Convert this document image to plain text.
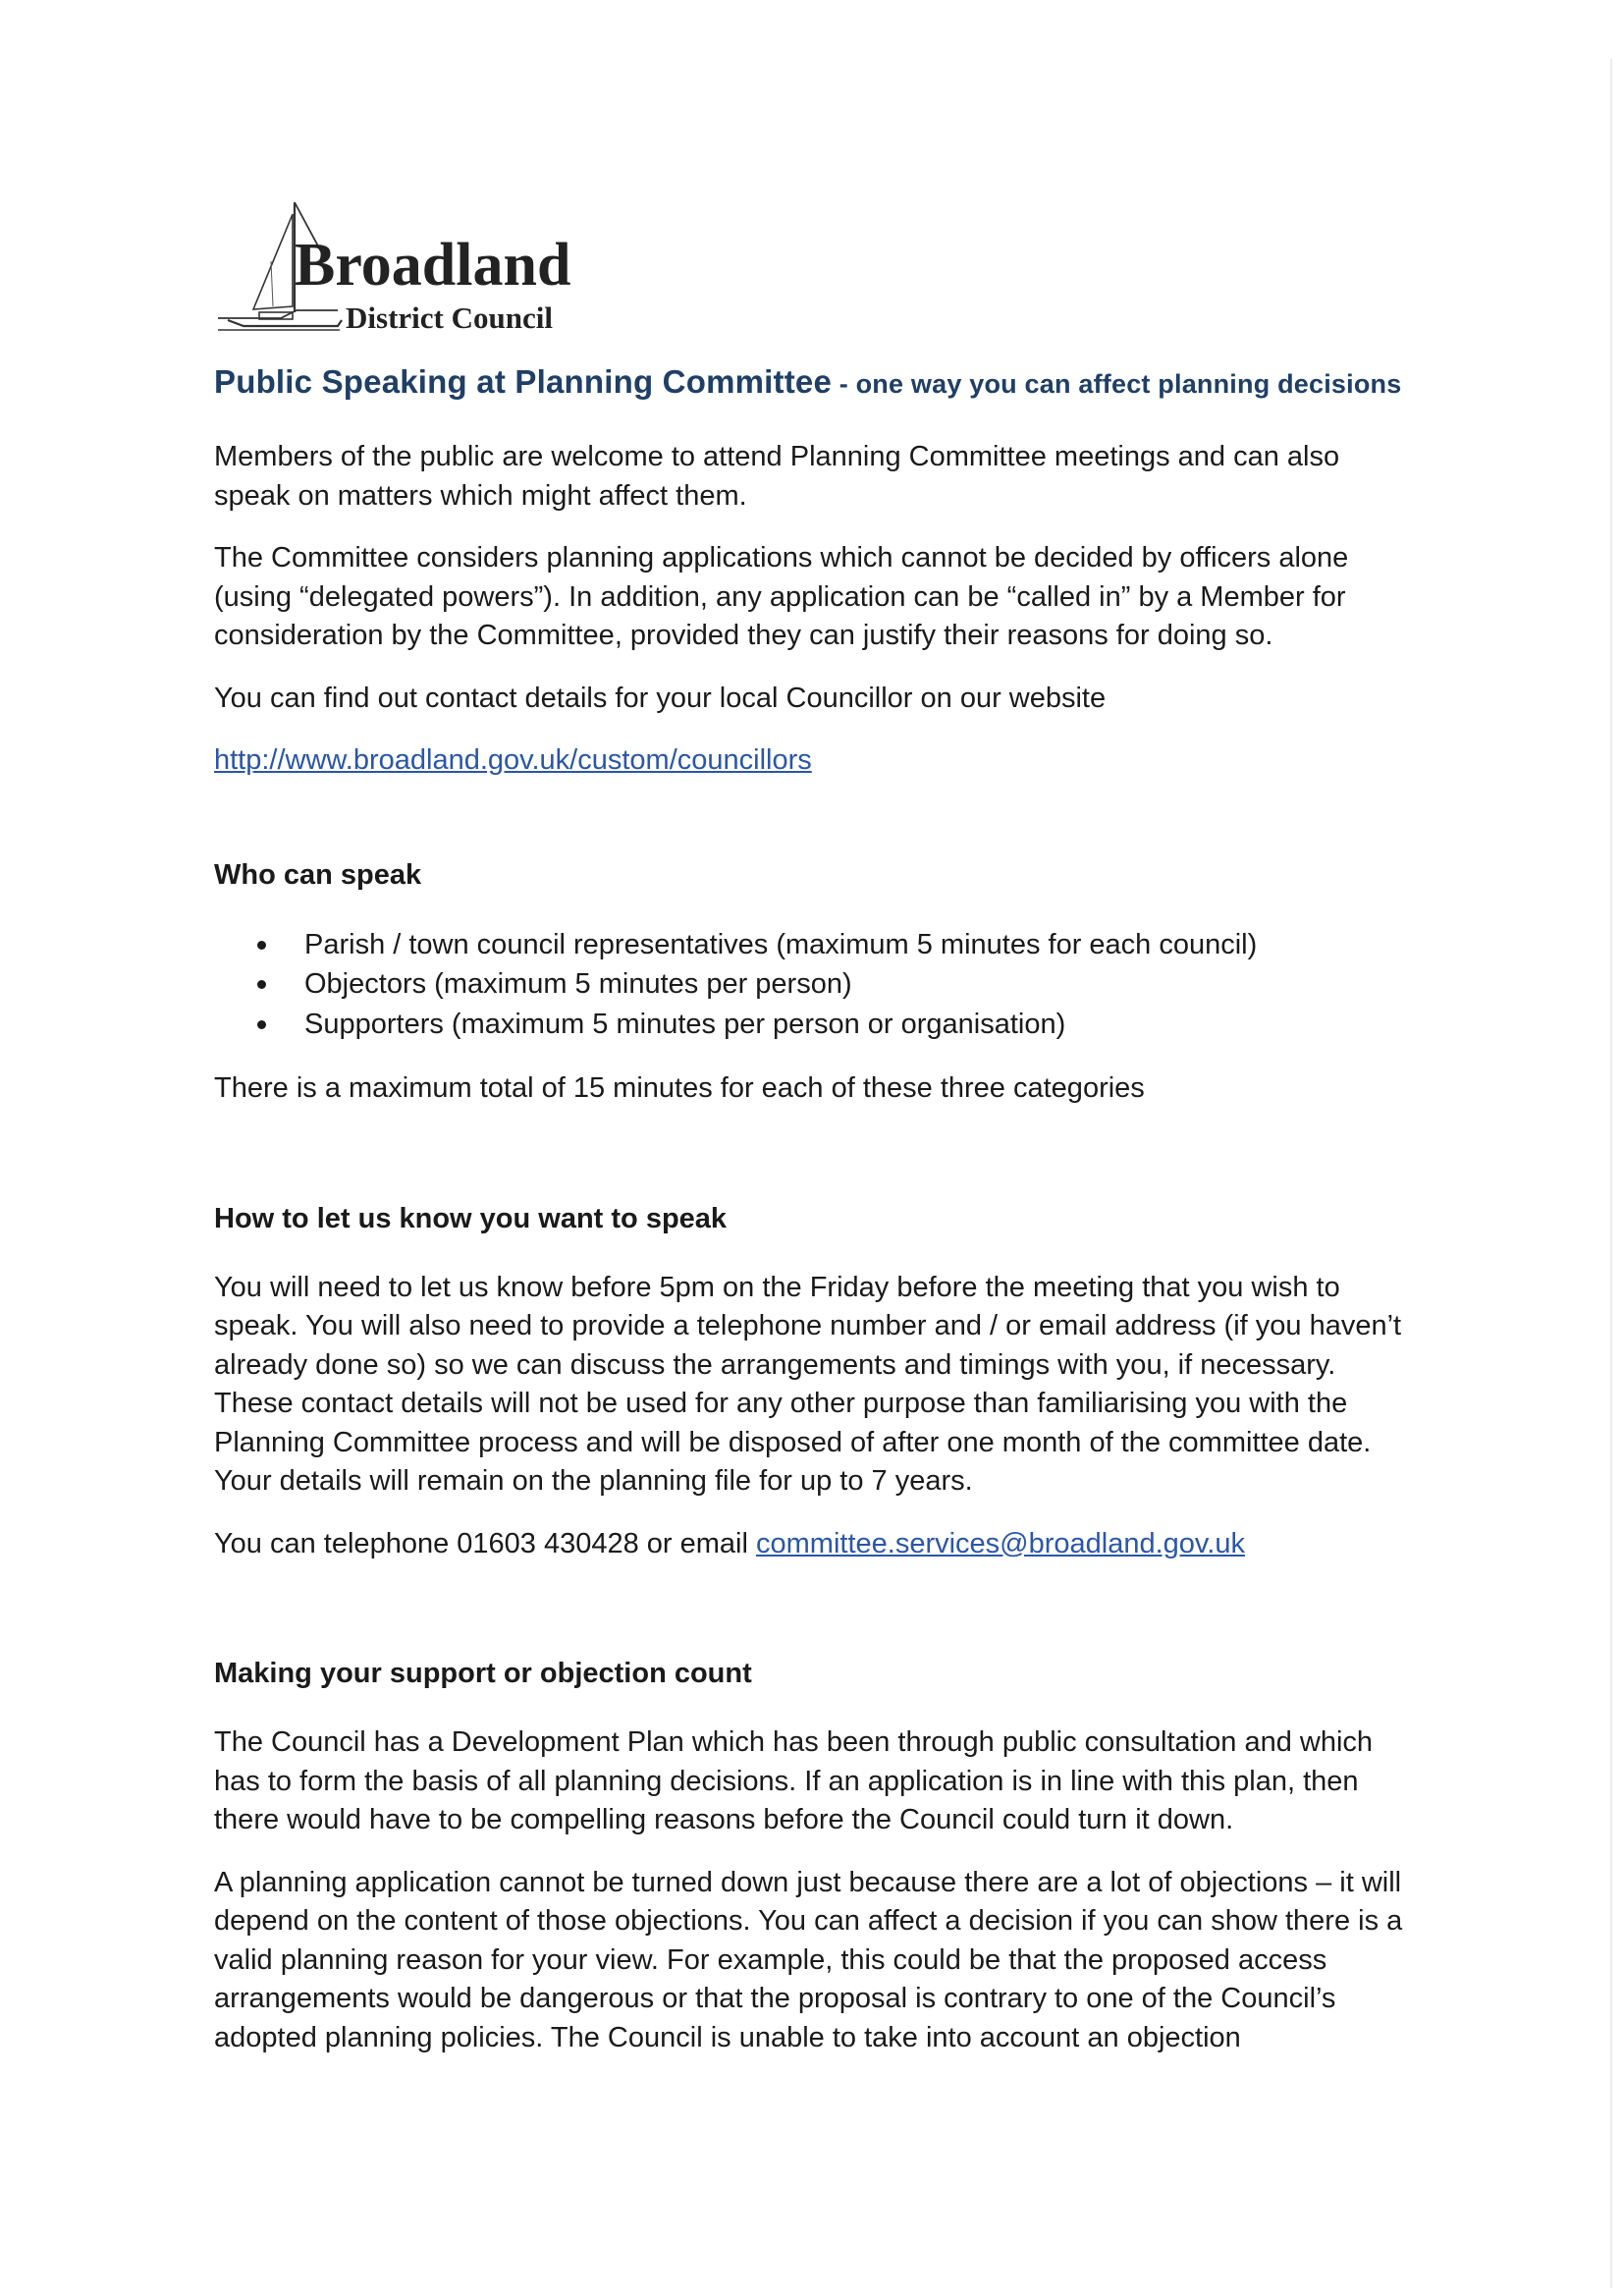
Broadland
District Council
Public Speaking at Planning Committee - one way you can affect planning decisions

Members of the public are welcome to attend Planning Committee meetings and can also speak on matters which might affect them.

The Committee considers planning applications which cannot be decided by officers alone (using “delegated powers”). In addition, any application can be “called in” by a Member for consideration by the Committee, provided they can justify their reasons for doing so.

You can find out contact details for your local Councillor on our website

http://www.broadland.gov.uk/custom/councillors

Who can speak
Parish / town council representatives (maximum 5 minutes for each council)
Objectors (maximum 5 minutes per person)
Supporters (maximum 5 minutes per person or organisation)

There is a maximum total of 15 minutes for each of these three categories

How to let us know you want to speak

You will need to let us know before 5pm on the Friday before the meeting that you wish to speak. You will also need to provide a telephone number and / or email address (if you haven’t already done so) so we can discuss the arrangements and timings with you, if necessary. These contact details will not be used for any other purpose than familiarising you with the Planning Committee process and will be disposed of after one month of the committee date. Your details will remain on the planning file for up to 7 years.

You can telephone 01603 430428 or email committee.services@broadland.gov.uk

Making your support or objection count

The Council has a Development Plan which has been through public consultation and which has to form the basis of all planning decisions. If an application is in line with this plan, then there would have to be compelling reasons before the Council could turn it down.

A planning application cannot be turned down just because there are a lot of objections – it will depend on the content of those objections. You can affect a decision if you can show there is a valid planning reason for your view. For example, this could be that the proposed access arrangements would be dangerous or that the proposal is contrary to one of the Council’s adopted planning policies. The Council is unable to take into account an objection
